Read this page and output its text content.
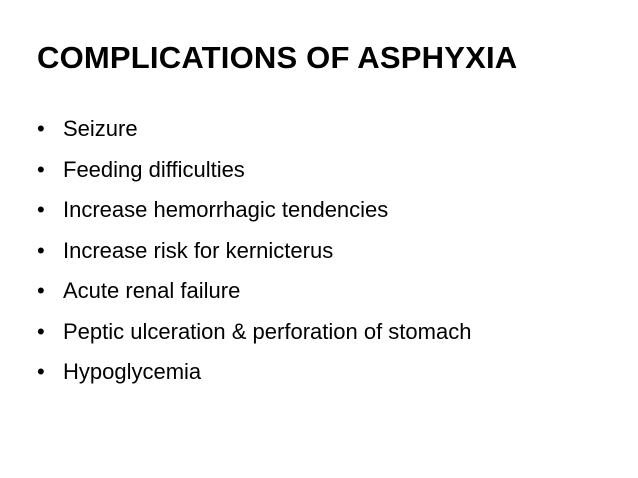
COMPLICATIONS OF ASPHYXIA
• Seizure
• Feeding difficulties
• Increase hemorrhagic tendencies
• Increase risk for kernicterus
• Acute renal failure
• Peptic ulceration & perforation of stomach
• Hypoglycemia
